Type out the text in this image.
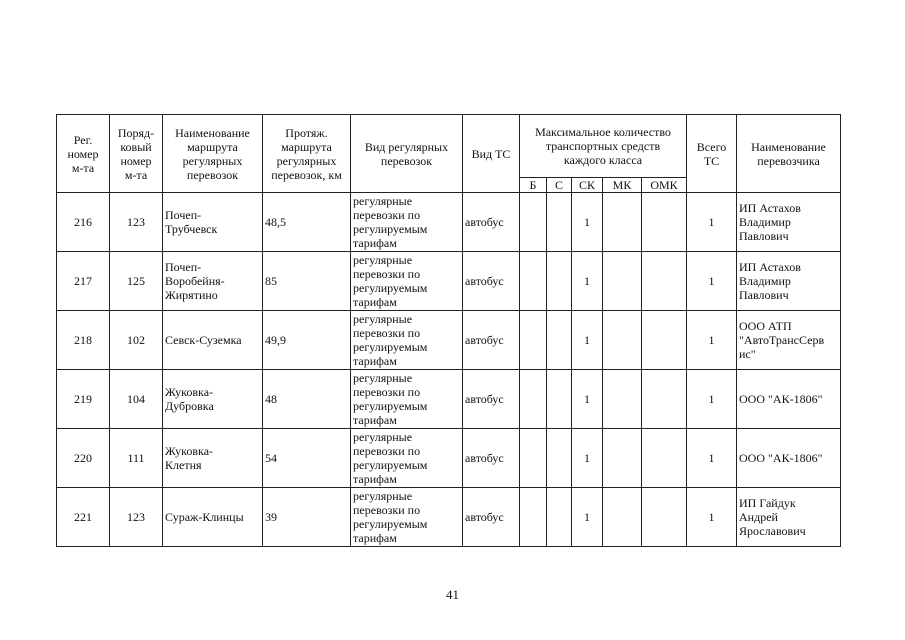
Рег.
номер
м-та	Поряд-
ковый
номер
м-та	Наименование
маршрута
регулярных
перевозок	Протяж.
маршрута
регулярных
перевозок, км	Вид регулярных
перевозок	Вид ТС	Максимальное количество
транспортных средств
каждого класса					Всего
ТС	Наименование
перевозчика
						Б	С	СК	МК	ОМК		
216	123	Почеп-
Трубчевск	48,5	регулярные
перевозки по
регулируемым
тарифам	автобус			1			1	ИП Астахов
Владимир
Павлович
217	125	Почеп-
Воробейня-
Жирятино	85	регулярные
перевозки по
регулируемым
тарифам	автобус			1			1	ИП Астахов
Владимир
Павлович
218	102	Севск-Суземка	49,9	регулярные
перевозки по
регулируемым
тарифам	автобус			1			1	ООО АТП
"АвтоТрансСерв
ис"
219	104	Жуковка-
Дубровка	48	регулярные
перевозки по
регулируемым
тарифам	автобус			1			1	ООО "АК-1806"
220	111	Жуковка-
Клетня	54	регулярные
перевозки по
регулируемым
тарифам	автобус			1			1	ООО "АК-1806"
221	123	Сураж-Клинцы	39	регулярные
перевозки по
регулируемым
тарифам	автобус			1			1	ИП Гайдук
Андрей
Ярославович
41
